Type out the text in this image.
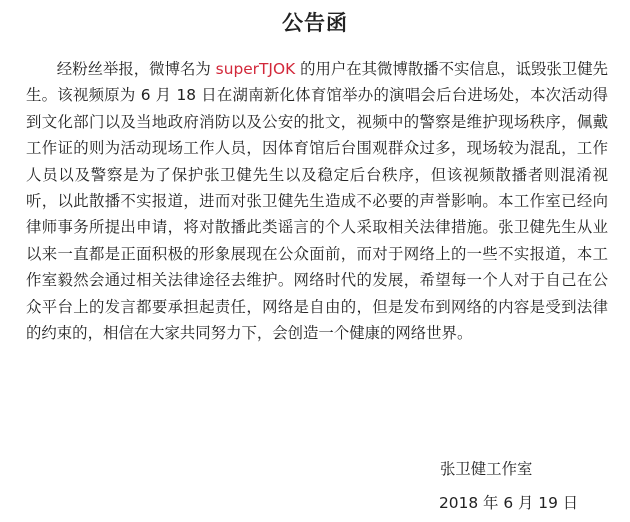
公告函

经粉丝举报，微博名为 superTJOK 的用户在其微博散播不实信息，诋毁张卫健先生。该视频原为 6 月 18 日在湖南新化体育馆举办的演唱会后台进场处，本次活动得到文化部门以及当地政府消防以及公安的批文，视频中的警察是维护现场秩序，佩戴工作证的则为活动现场工作人员，因体育馆后台围观群众过多，现场较为混乱，工作人员以及警察是为了保护张卫健先生以及稳定后台秩序，但该视频散播者则混淆视听，以此散播不实报道，进而对张卫健先生造成不必要的声誉影响。本工作室已经向律师事务所提出申请，将对散播此类谣言的个人采取相关法律措施。张卫健先生从业以来一直都是正面积极的形象展现在公众面前，而对于网络上的一些不实报道，本工作室毅然会通过相关法律途径去维护。网络时代的发展，希望每一个人对于自己在公众平台上的发言都要承担起责任，网络是自由的，但是发布到网络的内容是受到法律的约束的，相信在大家共同努力下，会创造一个健康的网络世界。

张卫健工作室
2018 年 6 月 19 日
